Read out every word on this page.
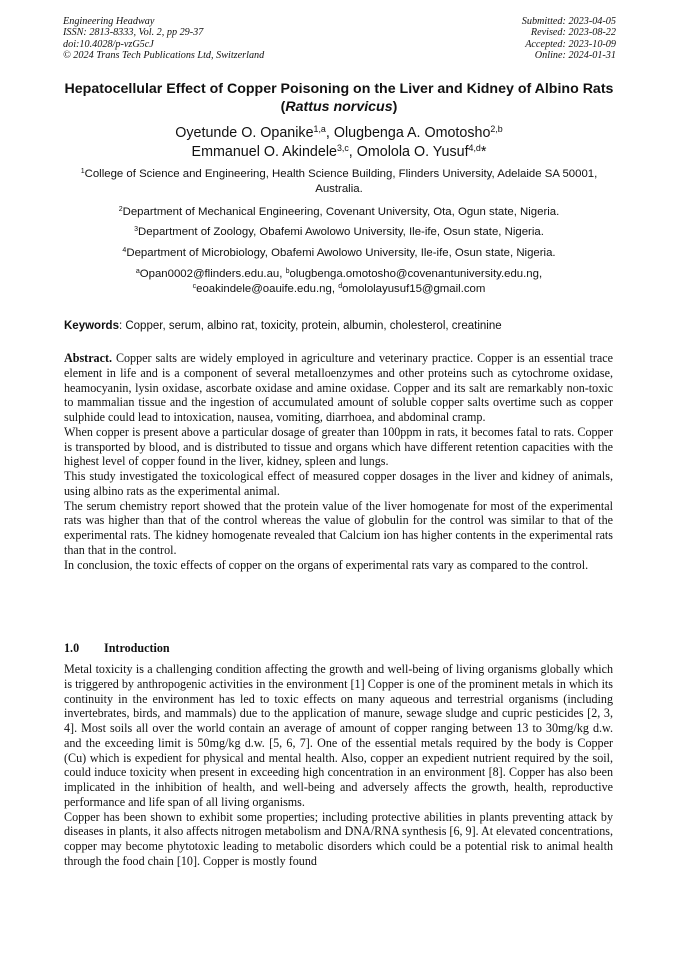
Engineering Headway
ISSN: 2813-8333, Vol. 2, pp 29-37
doi:10.4028/p-vzG5cJ
© 2024 Trans Tech Publications Ltd, Switzerland
Submitted: 2023-04-05
Revised: 2023-08-22
Accepted: 2023-10-09
Online: 2024-01-31
Hepatocellular Effect of Copper Poisoning on the Liver and Kidney of Albino Rats (Rattus norvicus)
Oyetunde O. Opanike$^{1,a}$, Olugbenga A. Omotosho$^{2,b}$
Emmanuel O. Akindele$^{3,c}$, Omolola O. Yusuf$^{4,d}$*
$^1$College of Science and Engineering, Health Science Building, Flinders University, Adelaide SA 50001, Australia.
$^2$Department of Mechanical Engineering, Covenant University, Ota, Ogun state, Nigeria.
$^3$Department of Zoology, Obafemi Awolowo University, Ile-ife, Osun state, Nigeria.
$^4$Department of Microbiology, Obafemi Awolowo University, Ile-ife, Osun state, Nigeria.
$^a$Opan0002@flinders.edu.au, $^b$olugbenga.omotosho@covenantuniversity.edu.ng,
$^c$eoakindele@oauife.edu.ng, $^d$omololayusuf15@gmail.com
Keywords: Copper, serum, albino rat, toxicity, protein, albumin, cholesterol, creatinine

Abstract. Copper salts are widely employed in agriculture and veterinary practice. Copper is an essential trace element in life and is a component of several metalloenzymes and other proteins such as cytochrome oxidase, heamocyanin, lysin oxidase, ascorbate oxidase and amine oxidase. Copper and its salt are remarkably non-toxic to mammalian tissue and the ingestion of accumulated amount of soluble copper salts overtime such as copper sulphide could lead to intoxication, nausea, vomiting, diarrhoea, and abdominal cramp.

When copper is present above a particular dosage of greater than 100ppm in rats, it becomes fatal to rats. Copper is transported by blood, and is distributed to tissue and organs which have different retention capacities with the highest level of copper found in the liver, kidney, spleen and lungs.

This study investigated the toxicological effect of measured copper dosages in the liver and kidney of animals, using albino rats as the experimental animal.

The serum chemistry report showed that the protein value of the liver homogenate for most of the experimental rats was higher than that of the control whereas the value of globulin for the control was similar to that of the experimental rats. The kidney homogenate revealed that Calcium ion has higher contents in the experimental rats than that in the control.

In conclusion, the toxic effects of copper on the organs of experimental rats vary as compared to the control.

1.0 Introduction

Metal toxicity is a challenging condition affecting the growth and well-being of living organisms globally which is triggered by anthropogenic activities in the environment [1] Copper is one of the prominent metals in which its continuity in the environment has led to toxic effects on many aqueous and terrestrial organisms (including invertebrates, birds, and mammals) due to the application of manure, sewage sludge and cupric pesticides [2, 3, 4]. Most soils all over the world contain an average of amount of copper ranging between 13 to 30mg/kg d.w. and the exceeding limit is 50mg/kg d.w. [5, 6, 7]. One of the essential metals required by the body is Copper (Cu) which is expedient for physical and mental health. Also, copper an expedient nutrient required by the soil, could induce toxicity when present in exceeding high concentration in an environment [8]. Copper has also been implicated in the inhibition of health, and well-being and adversely affects the growth, health, reproductive performance and life span of all living organisms.

Copper has been shown to exhibit some properties; including protective abilities in plants preventing attack by diseases in plants, it also affects nitrogen metabolism and DNA/RNA synthesis [6, 9]. At elevated concentrations, copper may become phytotoxic leading to metabolic disorders which could be a potential risk to animal health through the food chain [10]. Copper is mostly found
